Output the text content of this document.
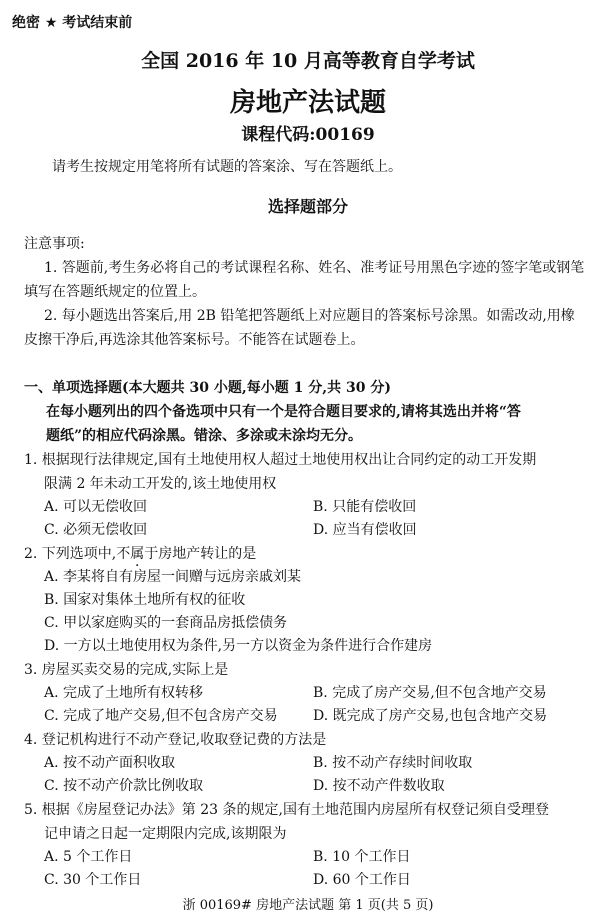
绝密 ★ 考试结束前
全国 2016 年 10 月高等教育自学考试
房地产法试题
课程代码:00169
请考生按规定用笔将所有试题的答案涂、写在答题纸上。
选择题部分
注意事项:
1. 答题前,考生务必将自己的考试课程名称、姓名、准考证号用黑色字迹的签字笔或钢笔
填写在答题纸规定的位置上。
2. 每小题选出答案后,用 2B 铅笔把答题纸上对应题目的答案标号涂黑。如需改动,用橡
皮擦干净后,再选涂其他答案标号。不能答在试题卷上。
一、单项选择题(本大题共 30 小题,每小题 1 分,共 30 分)
在每小题列出的四个备选项中只有一个是符合题目要求的,请将其选出并将“答
题纸”的相应代码涂黑。错涂、多涂或未涂均无分。
1. 根据现行法律规定,国有土地使用权人超过土地使用权出让合同约定的动工开发期
限满 2 年未动工开发的,该土地使用权
A. 可以无偿收回	B. 只能有偿收回
C. 必须无偿收回	D. 应当有偿收回
2. 下列选项中,不属于房地产转让的是
A. 李某将自有房屋一间赠与远房亲戚刘某
B. 国家对集体土地所有权的征收
C. 甲以家庭购买的一套商品房抵偿债务
D. 一方以土地使用权为条件,另一方以资金为条件进行合作建房
3. 房屋买卖交易的完成,实际上是
A. 完成了土地所有权转移	B. 完成了房产交易,但不包含地产交易
C. 完成了地产交易,但不包含房产交易	D. 既完成了房产交易,也包含地产交易
4. 登记机构进行不动产登记,收取登记费的方法是
A. 按不动产面积收取	B. 按不动产存续时间收取
C. 按不动产价款比例收取	D. 按不动产件数收取
5. 根据《房屋登记办法》第 23 条的规定,国有土地范围内房屋所有权登记须自受理登
记申请之日起一定期限内完成,该期限为
A. 5 个工作日	B. 10 个工作日
C. 30 个工作日	D. 60 个工作日
浙 00169# 房地产法试题 第 1 页(共 5 页)
